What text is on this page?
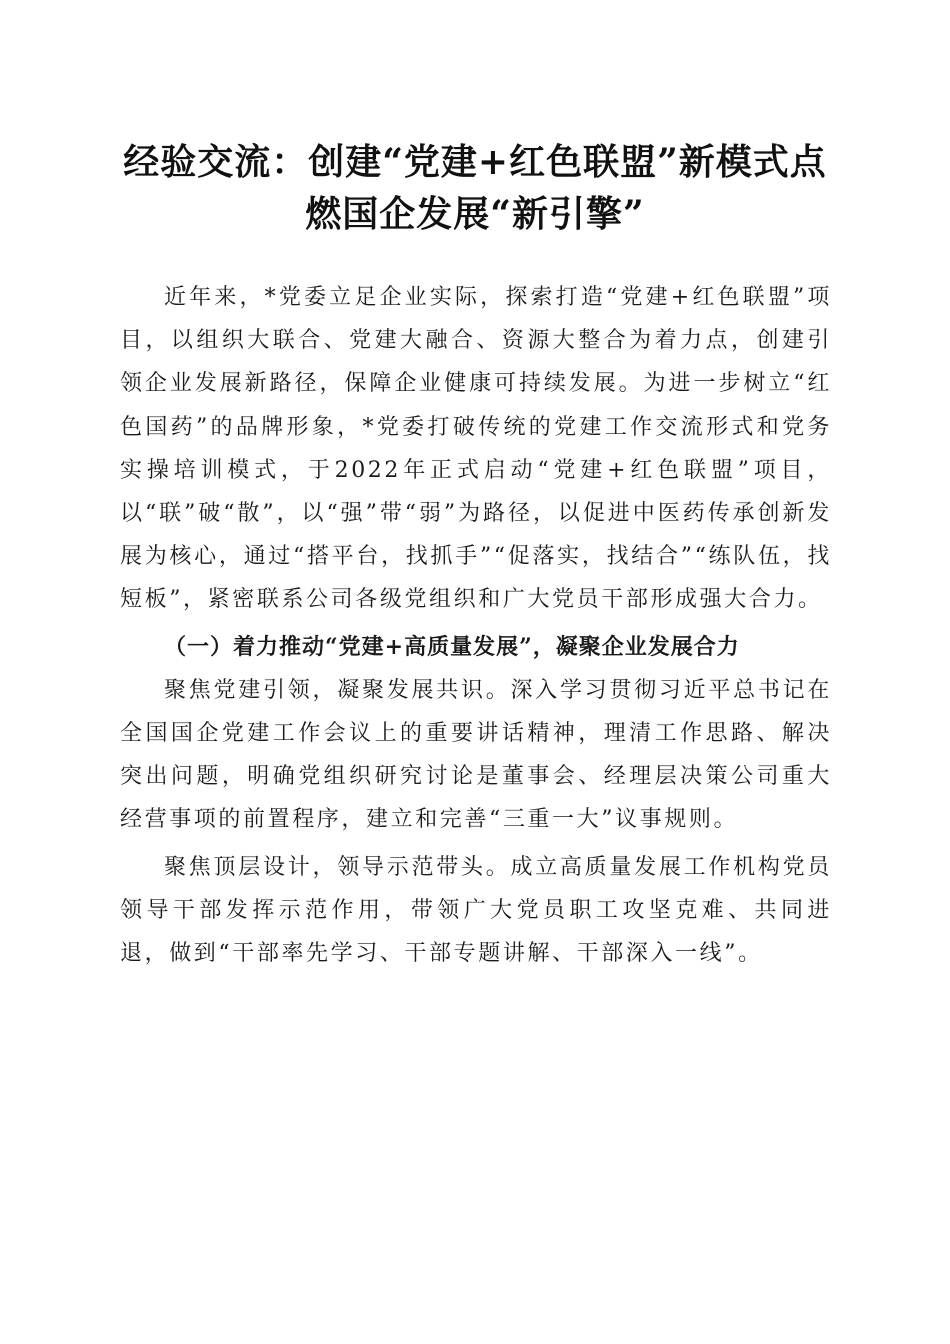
经验交流：创建“党建+红色联盟”新模式点
燃国企发展“新引擎”

近年来，*党委立足企业实际，探索打造“党建+红色联盟”项目，以组织大联合、党建大融合、资源大整合为着力点，创建引领企业发展新路径，保障企业健康可持续发展。为进一步树立“红色国药”的品牌形象，*党委打破传统的党建工作交流形式和党务实操培训模式，于2022年正式启动“党建+红色联盟”项目，以“联”破“散”，以“强”带“弱”为路径，以促进中医药传承创新发展为核心，通过“搭平台，找抓手”“促落实，找结合”“练队伍，找短板”，紧密联系公司各级党组织和广大党员干部形成强大合力。

（一）着力推动“党建+高质量发展”，凝聚企业发展合力

聚焦党建引领，凝聚发展共识。深入学习贯彻习近平总书记在全国国企党建工作会议上的重要讲话精神，理清工作思路、解决突出问题，明确党组织研究讨论是董事会、经理层决策公司重大经营事项的前置程序，建立和完善“三重一大”议事规则。

聚焦顶层设计，领导示范带头。成立高质量发展工作机构党员领导干部发挥示范作用，带领广大党员职工攻坚克难、共同进退，做到“干部率先学习、干部专题讲解、干部深入一线”。
